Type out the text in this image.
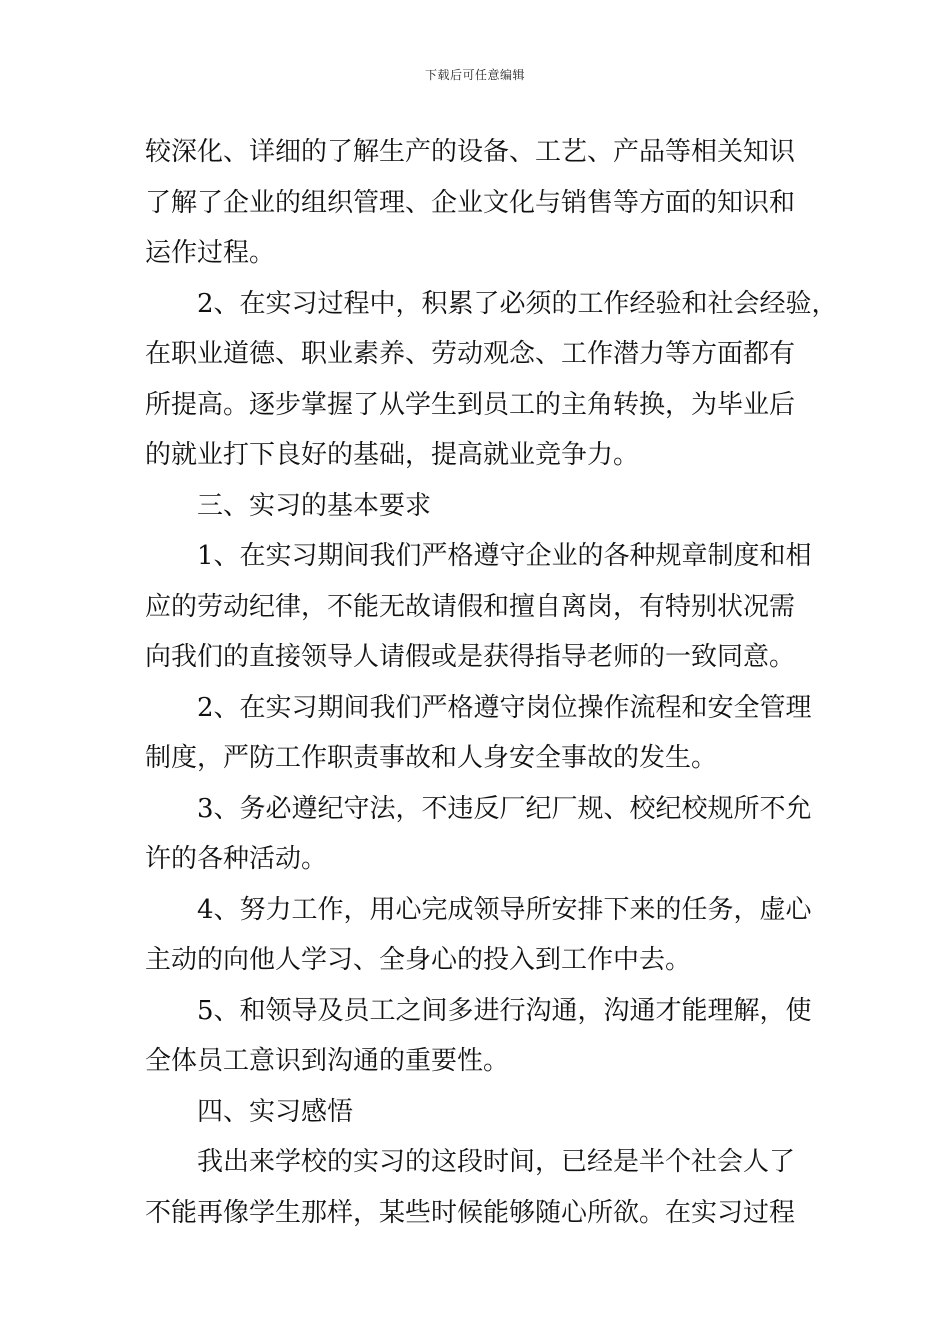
下载后可任意编辑
较深化、详细的了解生产的设备、工艺、产品等相关知识
了解了企业的组织管理、企业文化与销售等方面的知识和
运作过程。
2、在实习过程中，积累了必须的工作经验和社会经验，
在职业道德、职业素养、劳动观念、工作潜力等方面都有
所提高。逐步掌握了从学生到员工的主角转换，为毕业后
的就业打下良好的基础，提高就业竞争力。
三、实习的基本要求
1、在实习期间我们严格遵守企业的各种规章制度和相
应的劳动纪律，不能无故请假和擅自离岗，有特别状况需
向我们的直接领导人请假或是获得指导老师的一致同意。
2、在实习期间我们严格遵守岗位操作流程和安全管理
制度，严防工作职责事故和人身安全事故的发生。
3、务必遵纪守法，不违反厂纪厂规、校纪校规所不允
许的各种活动。
4、努力工作，用心完成领导所安排下来的任务，虚心
主动的向他人学习、全身心的投入到工作中去。
5、和领导及员工之间多进行沟通，沟通才能理解，使
全体员工意识到沟通的重要性。
四、实习感悟
我出来学校的实习的这段时间，已经是半个社会人了
不能再像学生那样，某些时候能够随心所欲。在实习过程
